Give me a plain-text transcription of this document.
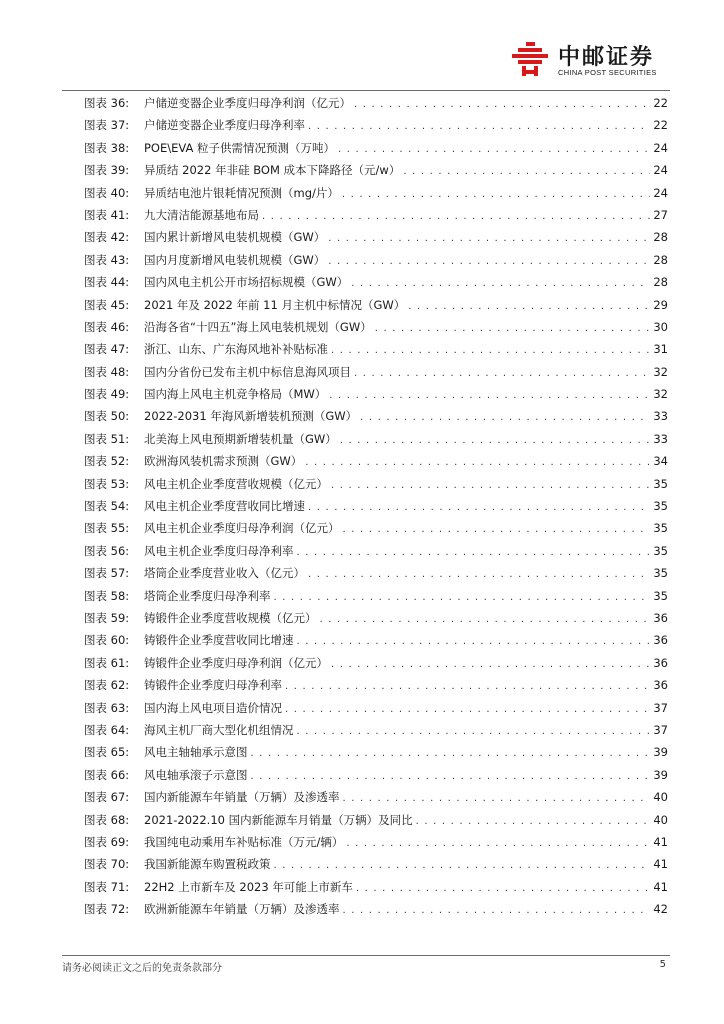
中邮证券
CHINA POST SECURITIES
图表 36:	户储逆变器企业季度归母净利润（亿元） . . .	22
图表 37:	户储逆变器企业季度归母净利率 . . .	22
图表 38:	POE\EVA 粒子供需情况预测（万吨） . . .	24
图表 39:	异质结 2022 年非硅 BOM 成本下降路径（元/w） . . .	24
图表 40:	异质结电池片银耗情况预测（mg/片） . . .	24
图表 41:	九大清洁能源基地布局 . . .	27
图表 42:	国内累计新增风电装机规模（GW） . . .	28
图表 43:	国内月度新增风电装机规模（GW） . . .	28
图表 44:	国内风电主机公开市场招标规模（GW） . . .	28
图表 45:	2021 年及 2022 年前 11 月主机中标情况（GW） . . .	29
图表 46:	沿海各省“十四五”海上风电装机规划（GW） . . .	30
图表 47:	浙江、山东、广东海风地补补贴标准 . . .	31
图表 48:	国内分省份已发布主机中标信息海风项目 . . .	32
图表 49:	国内海上风电主机竞争格局（MW） . . .	32
图表 50:	2022-2031 年海风新增装机预测（GW） . . .	33
图表 51:	北美海上风电预期新增装机量（GW） . . .	33
图表 52:	欧洲海风装机需求预测（GW） . . .	34
图表 53:	风电主机企业季度营收规模（亿元） . . .	35
图表 54:	风电主机企业季度营收同比增速 . . .	35
图表 55:	风电主机企业季度归母净利润（亿元） . . .	35
图表 56:	风电主机企业季度归母净利率 . . .	35
图表 57:	塔筒企业季度营业收入（亿元） . . .	35
图表 58:	塔筒企业季度归母净利率 . . .	35
图表 59:	铸锻件企业季度营收规模（亿元） . . .	36
图表 60:	铸锻件企业季度营收同比增速 . . .	36
图表 61:	铸锻件企业季度归母净利润（亿元） . . .	36
图表 62:	铸锻件企业季度归母净利率 . . .	36
图表 63:	国内海上风电项目造价情况 . . .	37
图表 64:	海风主机厂商大型化机组情况 . . .	37
图表 65:	风电主轴轴承示意图 . . .	39
图表 66:	风电轴承滚子示意图 . . .	39
图表 67:	国内新能源车年销量（万辆）及渗透率 . . .	40
图表 68:	2021-2022.10 国内新能源车月销量（万辆）及同比 . . .	40
图表 69:	我国纯电动乘用车补贴标准（万元/辆） . . .	41
图表 70:	我国新能源车购置税政策 . . .	41
图表 71:	22H2 上市新车及 2023 年可能上市新车 . . .	41
图表 72:	欧洲新能源车年销量（万辆）及渗透率 . . .	42
请务必阅读正文之后的免责条款部分	5
